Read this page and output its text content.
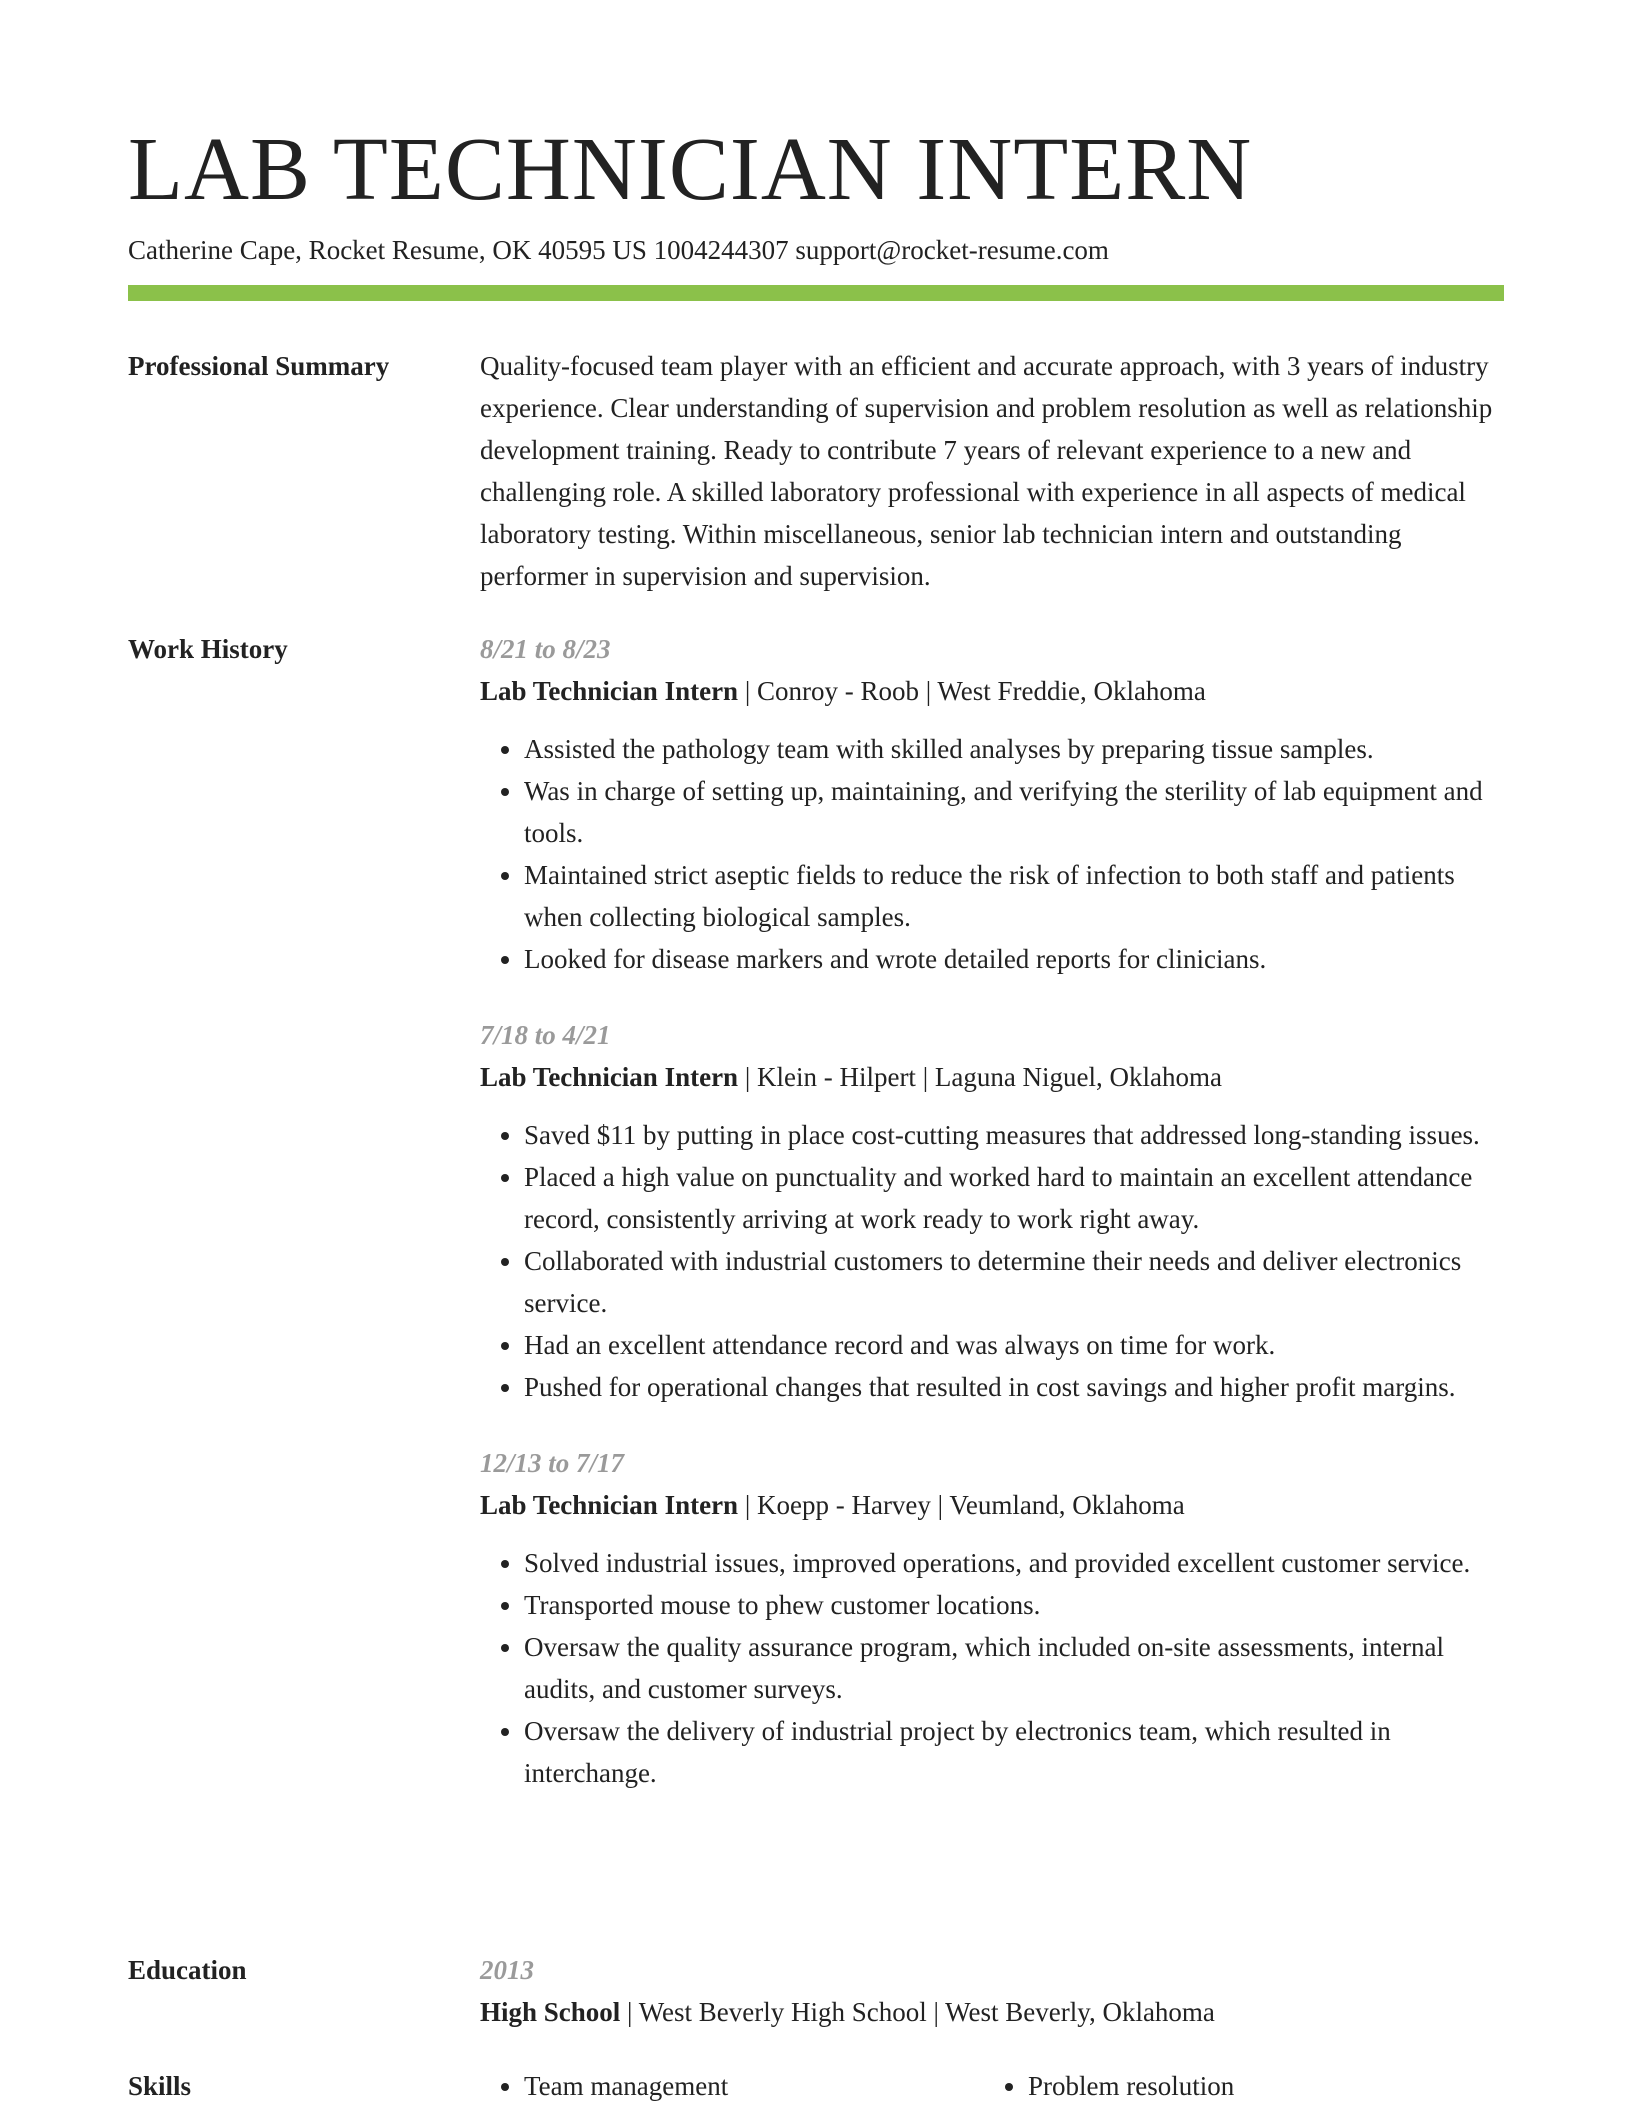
LAB TECHNICIAN INTERN
Catherine Cape, Rocket Resume, OK 40595 US 1004244307 support@rocket-resume.com
Professional Summary	Quality-focused team player with an efficient and accurate approach, with 3 years of industry experience. Clear understanding of supervision and problem resolution as well as relationship development training. Ready to contribute 7 years of relevant experience to a new and challenging role. A skilled laboratory professional with experience in all aspects of medical laboratory testing. Within miscellaneous, senior lab technician intern and outstanding performer in supervision and supervision.

Work History	8/21 to 8/23
Lab Technician Intern | Conroy - Roob | West Freddie, Oklahoma
• Assisted the pathology team with skilled analyses by preparing tissue samples.
• Was in charge of setting up, maintaining, and verifying the sterility of lab equipment and tools.
• Maintained strict aseptic fields to reduce the risk of infection to both staff and patients when collecting biological samples.
• Looked for disease markers and wrote detailed reports for clinicians.
7/18 to 4/21
Lab Technician Intern | Klein - Hilpert | Laguna Niguel, Oklahoma
• Saved $11 by putting in place cost-cutting measures that addressed long-standing issues.
• Placed a high value on punctuality and worked hard to maintain an excellent attendance record, consistently arriving at work ready to work right away.
• Collaborated with industrial customers to determine their needs and deliver electronics service.
• Had an excellent attendance record and was always on time for work.
• Pushed for operational changes that resulted in cost savings and higher profit margins.
12/13 to 7/17
Lab Technician Intern | Koepp - Harvey | Veumland, Oklahoma
• Solved industrial issues, improved operations, and provided excellent customer service.
• Transported mouse to phew customer locations.
• Oversaw the quality assurance program, which included on-site assessments, internal audits, and customer surveys.
• Oversaw the delivery of industrial project by electronics team, which resulted in interchange.
Education	2013
High School | West Beverly High School | West Beverly, Oklahoma
Skills	• Team management	• Problem resolution
